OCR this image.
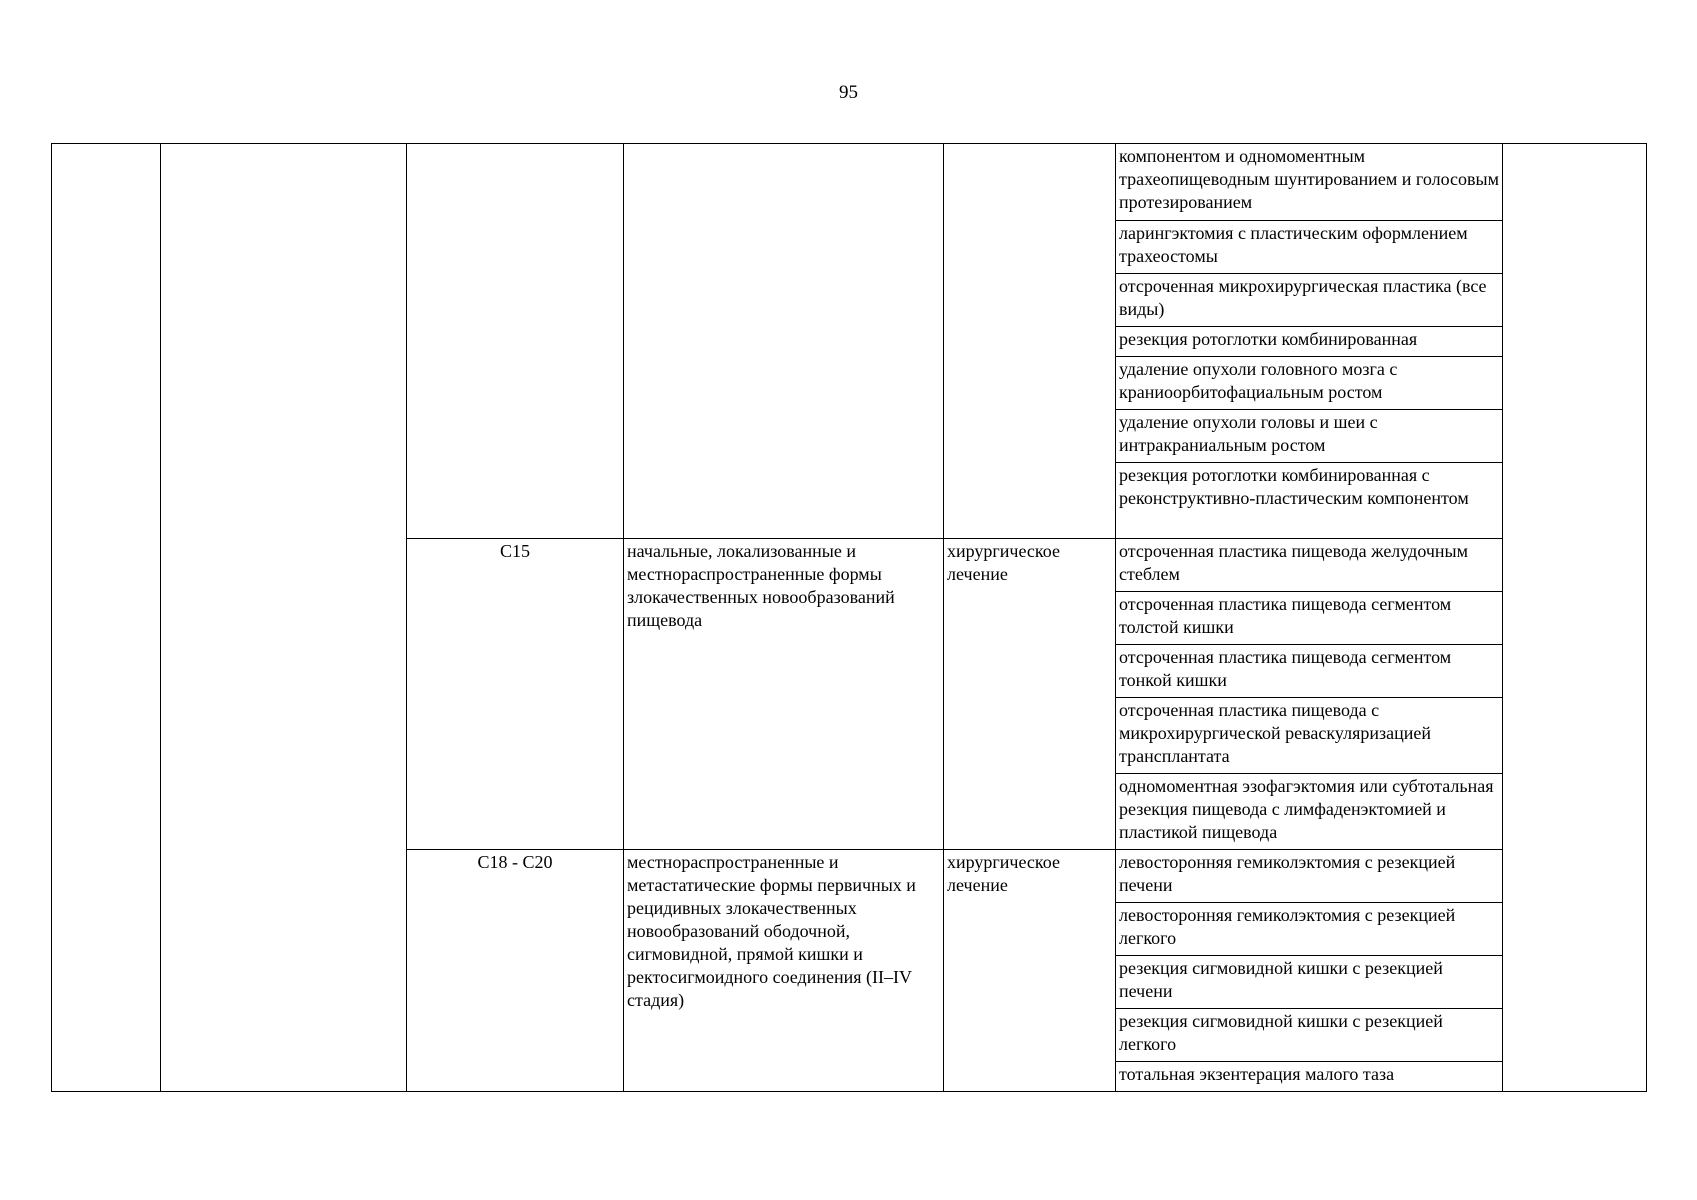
95
					компонентом и одномоментным трахеопищеводным шунтированием и голосовым протезированием	
					ларингэктомия с пластическим оформлением трахеостомы	
					отсроченная микрохирургическая пластика (все виды)	
					резекция ротоглотки комбинированная	
					удаление опухоли головного мозга с краниоорбитофациальным ростом	
					удаление опухоли головы и шеи с интракраниальным ростом	
					резекция ротоглотки комбинированная с реконструктивно-пластическим компонентом	
		C15	начальные, локализованные и местнораспространенные формы злокачественных новообразований пищевода	хирургическое лечение	отсроченная пластика пищевода желудочным стеблем	
					отсроченная пластика пищевода сегментом толстой кишки	
					отсроченная пластика пищевода сегментом тонкой кишки	
					отсроченная пластика пищевода с микрохирургической реваскуляризацией трансплантата	
					одномоментная эзофагэктомия или субтотальная резекция пищевода с лимфаденэктомией и пластикой пищевода	
		C18 - C20	местнораспространенные и метастатические формы первичных и рецидивных злокачественных новообразований ободочной, сигмовидной, прямой кишки и ректосигмоидного соединения (II–IV стадия)	хирургическое лечение	левосторонняя гемиколэктомия с резекцией печени	
					левосторонняя гемиколэктомия с резекцией легкого	
					резекция сигмовидной кишки с резекцией печени	
					резекция сигмовидной кишки с резекцией легкого	
					тотальная экзентерация малого таза	
